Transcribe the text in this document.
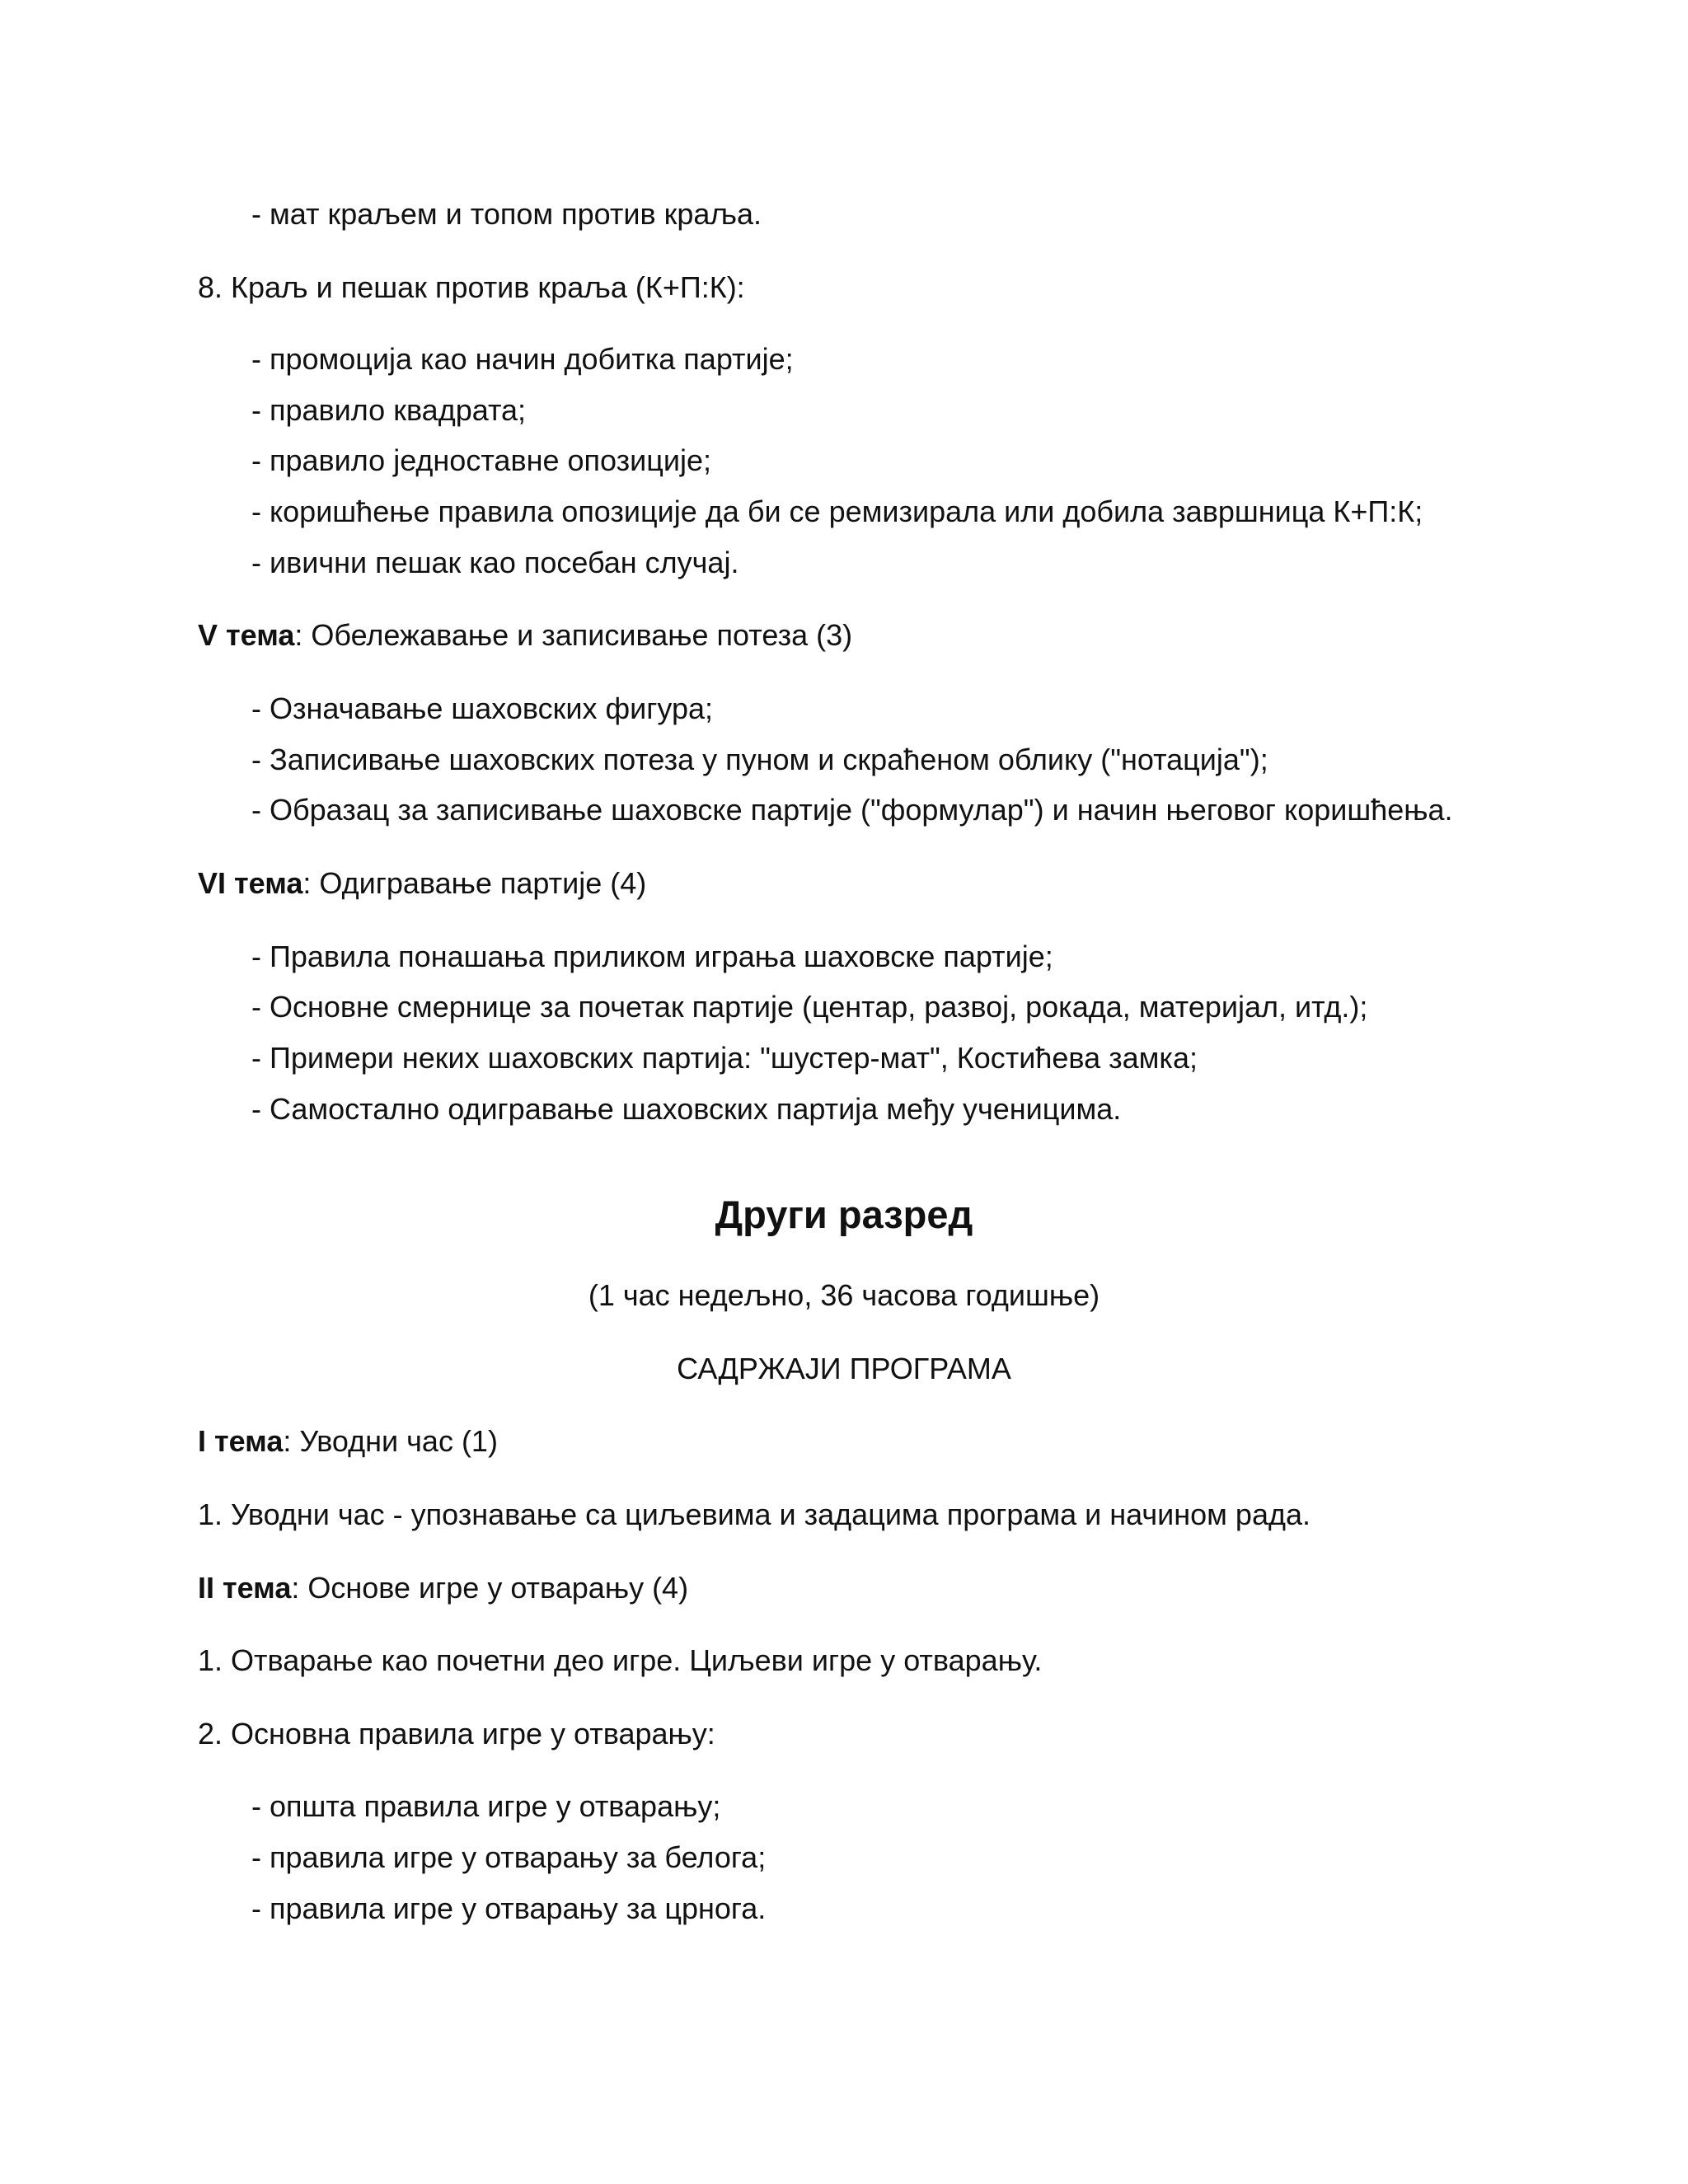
- мат краљем и топом против краља.
8. Краљ и пешак против краља (К+П:К):
- промоција као начин добитка партије;
- правило квадрата;
- правило једноставне опозиције;
- коришћење правила опозиције да би се ремизирала или добила завршница К+П:К;
- ивични пешак као посебан случај.
V тема: Обележавање и записивање потеза (3)
- Означавање шаховских фигура;
- Записивање шаховских потеза у пуном и скраћеном облику ("нотација");
- Образац за записивање шаховске партије ("формулар") и начин његовог коришћења.
VI тема: Одигравање партије (4)
- Правила понашања приликом играња шаховске партије;
- Основне смернице за почетак партије (центар, развој, рокада, материјал, итд.);
- Примери неких шаховских партија: "шустер-мат", Костићева замка;
- Самостално одигравање шаховских партија међу ученицима.
Други разред
(1 час недељно, 36 часова годишње)
САДРЖАЈИ ПРОГРАМА
I тема: Уводни час (1)
1. Уводни час - упознавање са циљевима и задацима програма и начином рада.
II тема: Основе игре у отварању (4)
1. Отварање као почетни део игре. Циљеви игре у отварању.
2. Основна правила игре у отварању:
- општа правила игре у отварању;
- правила игре у отварању за белога;
- правила игре у отварању за црнога.
